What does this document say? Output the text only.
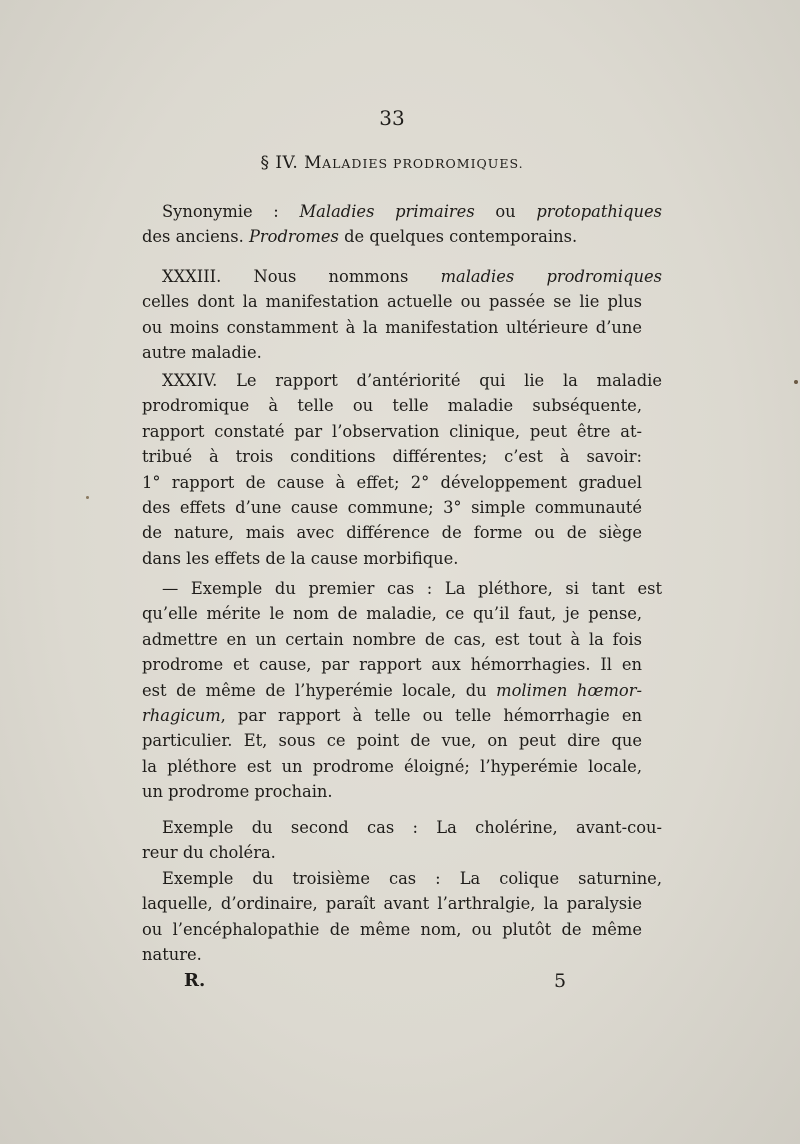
33
§ IV. MALADIES PRODROMIQUES.
Synonymie : Maladies primaires ou protopathiques
des anciens. Prodromes de quelques contemporains.
XXXIII. Nous nommons maladies prodromiques
celles dont la manifestation actuelle ou passée se lie plus
ou moins constamment à la manifestation ultérieure d’une
autre maladie.
XXXIV. Le rapport d’antériorité qui lie la maladie
prodromique à telle ou telle maladie subséquente,
rapport constaté par l’observation clinique, peut être at-
tribué à trois conditions différentes; c’est à savoir:
1° rapport de cause à effet; 2° développement graduel
des effets d’une cause commune; 3° simple communauté
de nature, mais avec différence de forme ou de siège
dans les effets de la cause morbifique.
— Exemple du premier cas : La pléthore, si tant est
qu’elle mérite le nom de maladie, ce qu’il faut, je pense,
admettre en un certain nombre de cas, est tout à la fois
prodrome et cause, par rapport aux hémorrhagies. Il en
est de même de l’hyperémie locale, du molimen hœmor-
rhagicum, par rapport à telle ou telle hémorrhagie en
particulier. Et, sous ce point de vue, on peut dire que
la pléthore est un prodrome éloigné; l’hyperémie locale,
un prodrome prochain.
Exemple du second cas : La cholérine, avant-cou-
reur du choléra.
Exemple du troisième cas : La colique saturnine,
laquelle, d’ordinaire, paraît avant l’arthralgie, la paralysie
ou l’encéphalopathie de même nom, ou plutôt de même
nature.
R.	5
